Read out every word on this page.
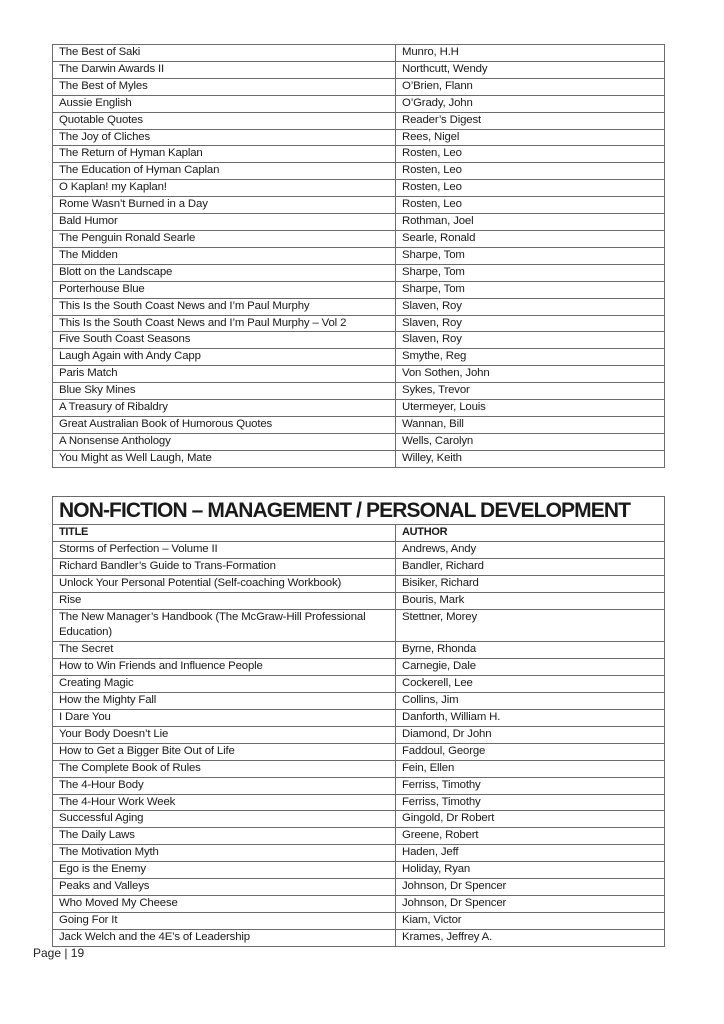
The Best of Saki	Munro, H.H
The Darwin Awards II	Northcutt, Wendy
The Best of Myles	O’Brien, Flann
Aussie English	O’Grady, John
Quotable Quotes	Reader’s Digest
The Joy of Cliches	Rees, Nigel
The Return of Hyman Kaplan	Rosten, Leo
The Education of Hyman Caplan	Rosten, Leo
O Kaplan! my Kaplan!	Rosten, Leo
Rome Wasn’t Burned in a Day	Rosten, Leo
Bald Humor	Rothman, Joel
The Penguin Ronald Searle	Searle, Ronald
The Midden	Sharpe, Tom
Blott on the Landscape	Sharpe, Tom
Porterhouse Blue	Sharpe, Tom
This Is the South Coast News and I’m Paul Murphy	Slaven, Roy
This Is the South Coast News and I’m Paul Murphy – Vol 2	Slaven, Roy
Five South Coast Seasons	Slaven, Roy
Laugh Again with Andy Capp	Smythe, Reg
Paris Match	Von Sothen, John
Blue Sky Mines	Sykes, Trevor
A Treasury of Ribaldry	Utermeyer, Louis
Great Australian Book of Humorous Quotes	Wannan, Bill
A Nonsense Anthology	Wells, Carolyn
You Might as Well Laugh, Mate	Willey, Keith
NON-FICTION – MANAGEMENT / PERSONAL DEVELOPMENT	
TITLE	AUTHOR
Storms of Perfection – Volume II	Andrews, Andy
Richard Bandler’s Guide to Trans-Formation	Bandler, Richard
Unlock Your Personal Potential (Self-coaching Workbook)	Bisiker, Richard
Rise	Bouris, Mark
The New Manager’s Handbook (The McGraw-Hill Professional Education)	Stettner, Morey
The Secret	Byrne, Rhonda
How to Win Friends and Influence People	Carnegie, Dale
Creating Magic	Cockerell, Lee
How the Mighty Fall	Collins, Jim
I Dare You	Danforth, William H.
Your Body Doesn’t Lie	Diamond, Dr John
How to Get a Bigger Bite Out of Life	Faddoul, George
The Complete Book of Rules	Fein, Ellen
The 4-Hour Body	Ferriss, Timothy
The 4-Hour Work Week	Ferriss, Timothy
Successful Aging	Gingold, Dr Robert
The Daily Laws	Greene, Robert
The Motivation Myth	Haden, Jeff
Ego is the Enemy	Holiday, Ryan
Peaks and Valleys	Johnson, Dr Spencer
Who Moved My Cheese	Johnson, Dr Spencer
Going For It	Kiam, Victor
Jack Welch and the 4E’s of Leadership	Krames, Jeffrey A.
Page | 19
